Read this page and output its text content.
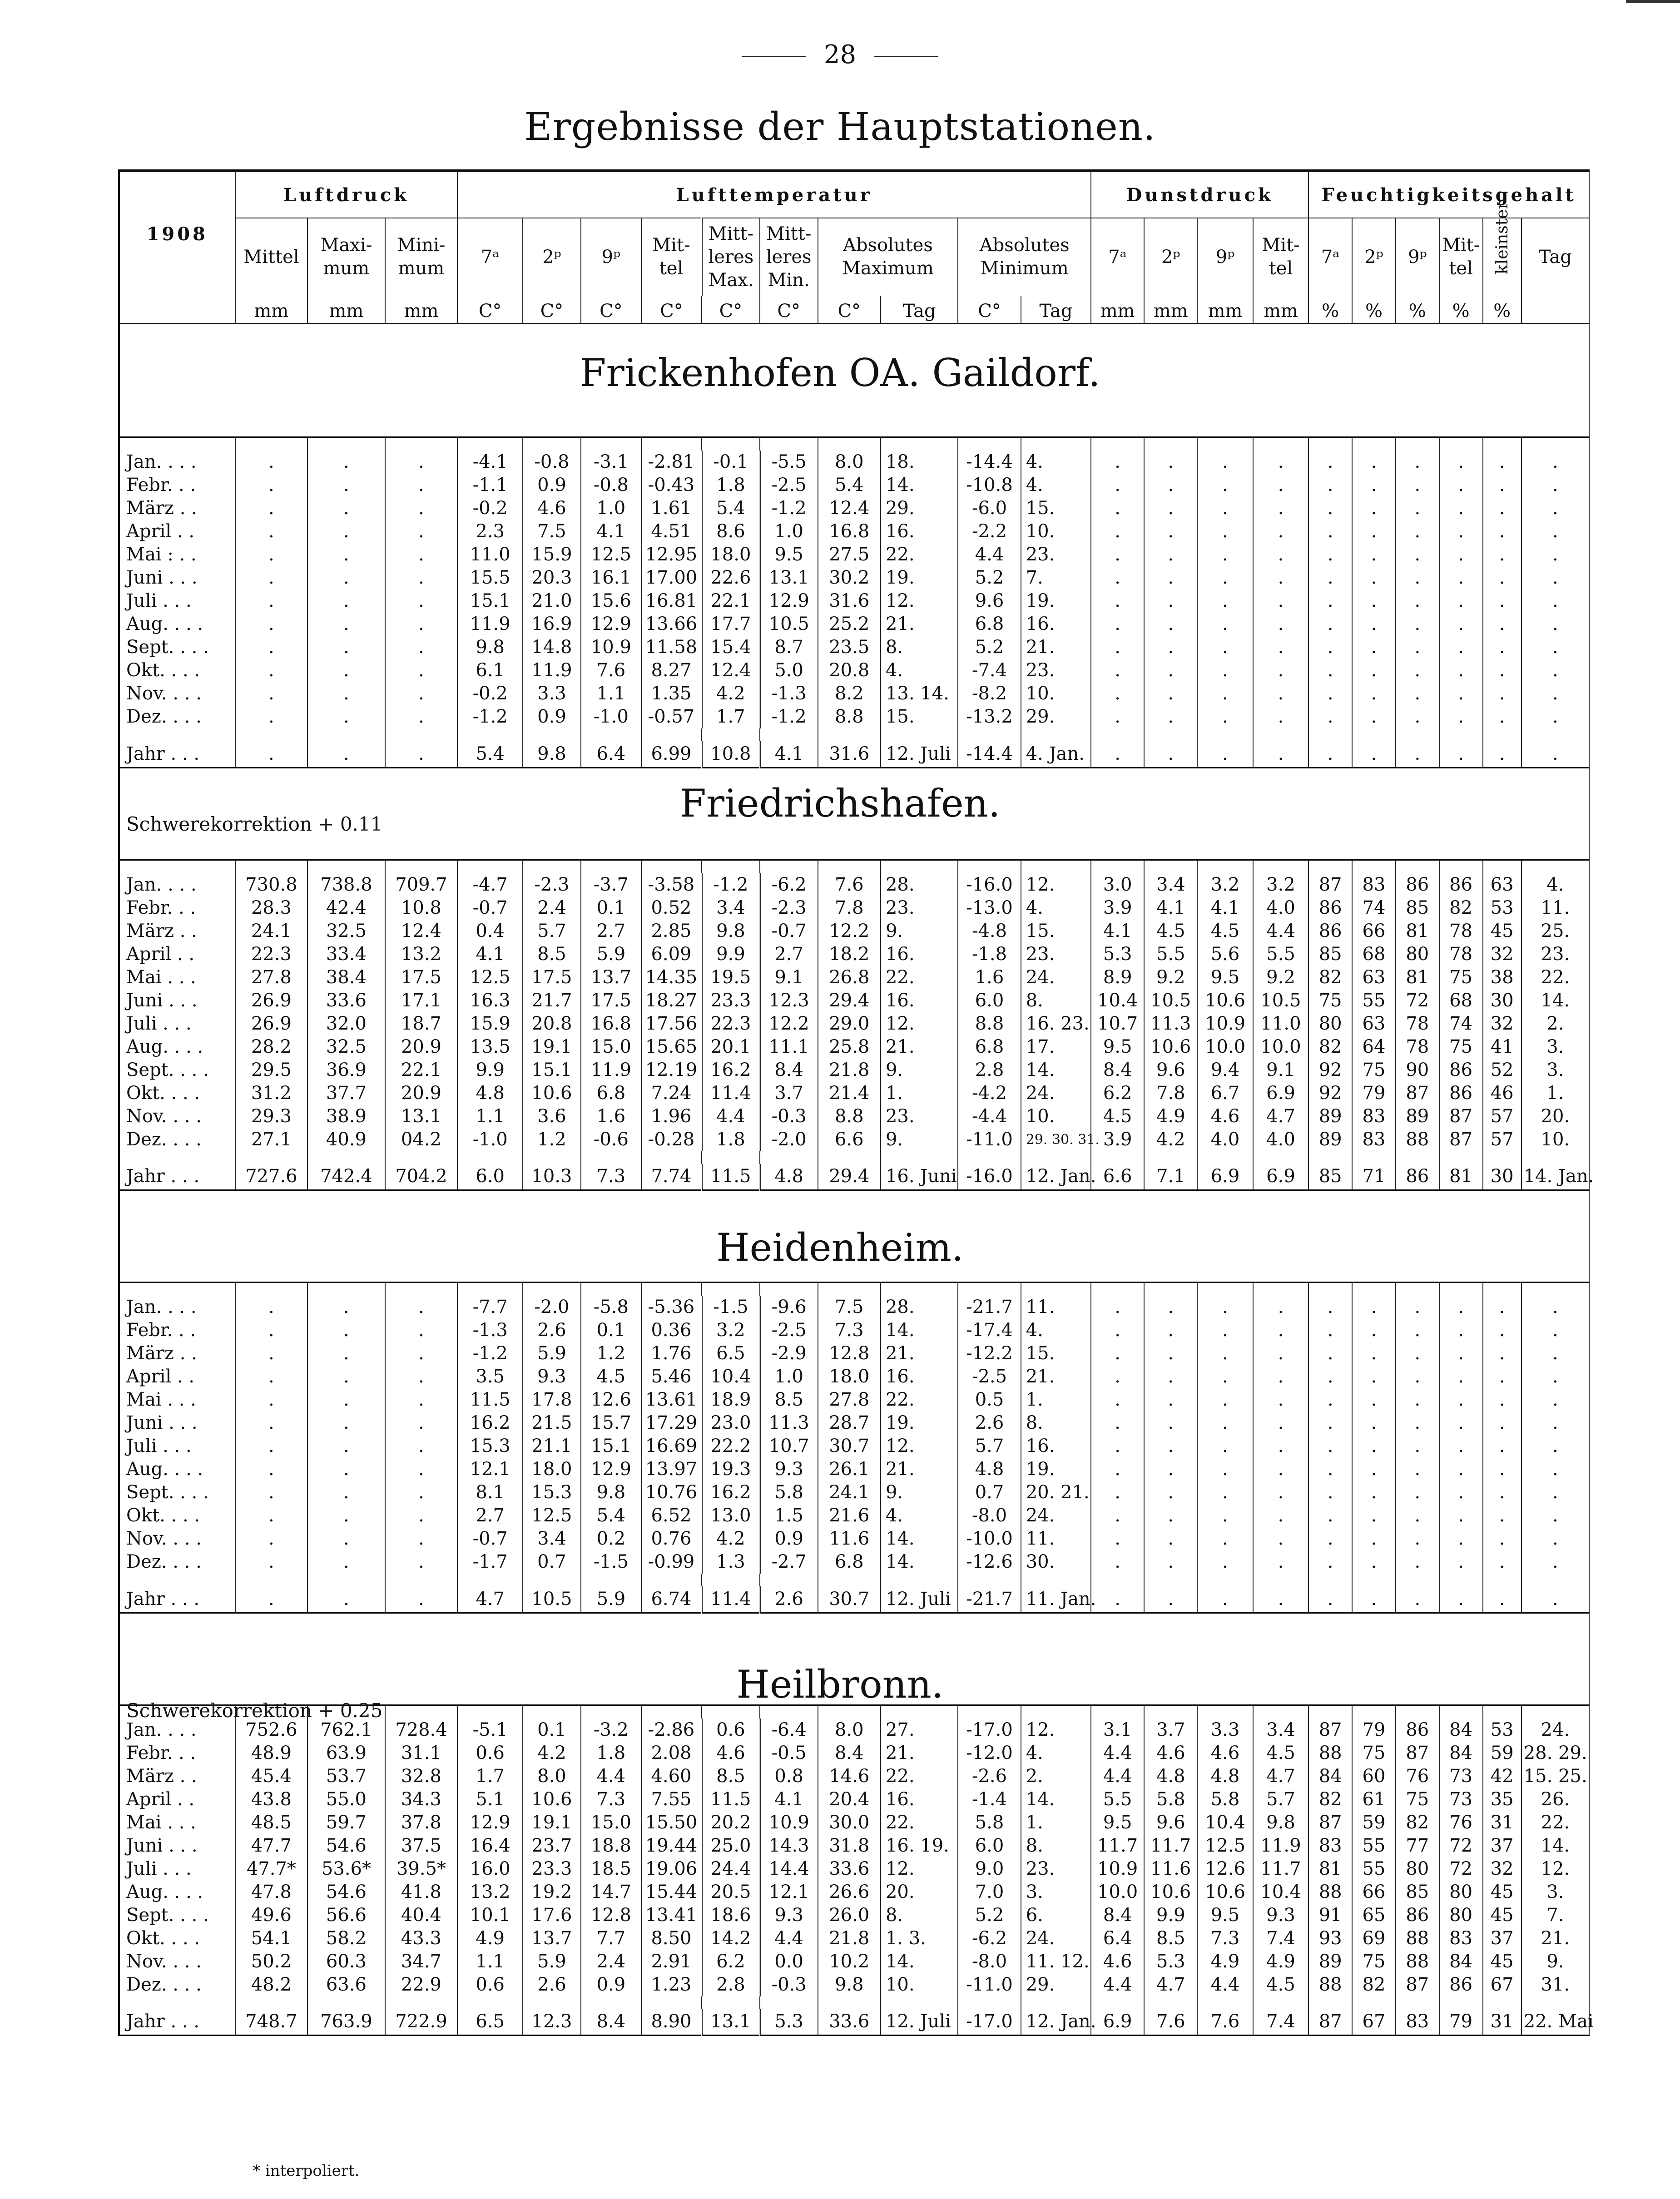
28
Ergebnisse der Hauptstationen.
1908	Luftdruck			Lufttemperatur										Dunstdruck				Feuchtigkeitsgehalt					
	Mittel	Maxi-mum	Mini-mum	7ᵃ	2ᵖ	9ᵖ	Mit-tel	Mitt-leres Max.	Mitt-leres Min.	Absolutes Maximum		Absolutes Minimum		7ᵃ	2ᵖ	9ᵖ	Mit-tel	7ᵃ	2ᵖ	9ᵖ	Mit-tel	kleinster	Tag
	mm	mm	mm	C°	C°	C°	C°	C°	C°	C°	Tag	C°	Tag	mm	mm	mm	mm	%	%	%	%	%	

Jan. . . .	.	.	.	-4.1	-0.8	-3.1	-2.81	-0.1	-5.5	8.0	18.	-14.4	4.	.	.	.	.	.	.	.	.	.	.
Febr. . .	.	.	.	-1.1	0.9	-0.8	-0.43	1.8	-2.5	5.4	14.	-10.8	4.	.	.	.	.	.	.	.	.	.	.
März . .	.	.	.	-0.2	4.6	1.0	1.61	5.4	-1.2	12.4	29.	-6.0	15.	.	.	.	.	.	.	.	.	.	.
April . .	.	.	.	2.3	7.5	4.1	4.51	8.6	1.0	16.8	16.	-2.2	10.	.	.	.	.	.	.	.	.	.	.
Mai : . .	.	.	.	11.0	15.9	12.5	12.95	18.0	9.5	27.5	22.	4.4	23.	.	.	.	.	.	.	.	.	.	.
Juni . . .	.	.	.	15.5	20.3	16.1	17.00	22.6	13.1	30.2	19.	5.2	7.	.	.	.	.	.	.	.	.	.	.
Juli . . .	.	.	.	15.1	21.0	15.6	16.81	22.1	12.9	31.6	12.	9.6	19.	.	.	.	.	.	.	.	.	.	.
Aug. . . .	.	.	.	11.9	16.9	12.9	13.66	17.7	10.5	25.2	21.	6.8	16.	.	.	.	.	.	.	.	.	.	.
Sept. . . .	.	.	.	9.8	14.8	10.9	11.58	15.4	8.7	23.5	8.	5.2	21.	.	.	.	.	.	.	.	.	.	.
Okt. . . .	.	.	.	6.1	11.9	7.6	8.27	12.4	5.0	20.8	4.	-7.4	23.	.	.	.	.	.	.	.	.	.	.
Nov. . . .	.	.	.	-0.2	3.3	1.1	1.35	4.2	-1.3	8.2	13. 14.	-8.2	10.	.	.	.	.	.	.	.	.	.	.
Dez. . . .	.	.	.	-1.2	0.9	-1.0	-0.57	1.7	-1.2	8.8	15.	-13.2	29.	.	.	.	.	.	.	.	.	.	.

Jahr . . .	.	.	.	5.4	9.8	6.4	6.99	10.8	4.1	31.6	12. Juli	-14.4	4. Jan.	.	.	.	.	.	.	.	.	.	.

Jan. . . .	730.8	738.8	709.7	-4.7	-2.3	-3.7	-3.58	-1.2	-6.2	7.6	28.	-16.0	12.	3.0	3.4	3.2	3.2	87	83	86	86	63	4.
Febr. . .	28.3	42.4	10.8	-0.7	2.4	0.1	0.52	3.4	-2.3	7.8	23.	-13.0	4.	3.9	4.1	4.1	4.0	86	74	85	82	53	11.
März . .	24.1	32.5	12.4	0.4	5.7	2.7	2.85	9.8	-0.7	12.2	9.	-4.8	15.	4.1	4.5	4.5	4.4	86	66	81	78	45	25.
April . .	22.3	33.4	13.2	4.1	8.5	5.9	6.09	9.9	2.7	18.2	16.	-1.8	23.	5.3	5.5	5.6	5.5	85	68	80	78	32	23.
Mai . . .	27.8	38.4	17.5	12.5	17.5	13.7	14.35	19.5	9.1	26.8	22.	1.6	24.	8.9	9.2	9.5	9.2	82	63	81	75	38	22.
Juni . . .	26.9	33.6	17.1	16.3	21.7	17.5	18.27	23.3	12.3	29.4	16.	6.0	8.	10.4	10.5	10.6	10.5	75	55	72	68	30	14.
Juli . . .	26.9	32.0	18.7	15.9	20.8	16.8	17.56	22.3	12.2	29.0	12.	8.8	16. 23.	10.7	11.3	10.9	11.0	80	63	78	74	32	2.
Aug. . . .	28.2	32.5	20.9	13.5	19.1	15.0	15.65	20.1	11.1	25.8	21.	6.8	17.	9.5	10.6	10.0	10.0	82	64	78	75	41	3.
Sept. . . .	29.5	36.9	22.1	9.9	15.1	11.9	12.19	16.2	8.4	21.8	9.	2.8	14.	8.4	9.6	9.4	9.1	92	75	90	86	52	3.
Okt. . . .	31.2	37.7	20.9	4.8	10.6	6.8	7.24	11.4	3.7	21.4	1.	-4.2	24.	6.2	7.8	6.7	6.9	92	79	87	86	46	1.
Nov. . . .	29.3	38.9	13.1	1.1	3.6	1.6	1.96	4.4	-0.3	8.8	23.	-4.4	10.	4.5	4.9	4.6	4.7	89	83	89	87	57	20.
Dez. . . .	27.1	40.9	04.2	-1.0	1.2	-0.6	-0.28	1.8	-2.0	6.6	9.	-11.0	29. 30. 31.	3.9	4.2	4.0	4.0	89	83	88	87	57	10.

Jahr . . .	727.6	742.4	704.2	6.0	10.3	7.3	7.74	11.5	4.8	29.4	16. Juni	-16.0	12. Jan.	6.6	7.1	6.9	6.9	85	71	86	81	30	14. Jan.

Jan. . . .	.	.	.	-7.7	-2.0	-5.8	-5.36	-1.5	-9.6	7.5	28.	-21.7	11.	.	.	.	.	.	.	.	.	.	.
Febr. . .	.	.	.	-1.3	2.6	0.1	0.36	3.2	-2.5	7.3	14.	-17.4	4.	.	.	.	.	.	.	.	.	.	.
März . .	.	.	.	-1.2	5.9	1.2	1.76	6.5	-2.9	12.8	21.	-12.2	15.	.	.	.	.	.	.	.	.	.	.
April . .	.	.	.	3.5	9.3	4.5	5.46	10.4	1.0	18.0	16.	-2.5	21.	.	.	.	.	.	.	.	.	.	.
Mai . . .	.	.	.	11.5	17.8	12.6	13.61	18.9	8.5	27.8	22.	0.5	1.	.	.	.	.	.	.	.	.	.	.
Juni . . .	.	.	.	16.2	21.5	15.7	17.29	23.0	11.3	28.7	19.	2.6	8.	.	.	.	.	.	.	.	.	.	.
Juli . . .	.	.	.	15.3	21.1	15.1	16.69	22.2	10.7	30.7	12.	5.7	16.	.	.	.	.	.	.	.	.	.	.
Aug. . . .	.	.	.	12.1	18.0	12.9	13.97	19.3	9.3	26.1	21.	4.8	19.	.	.	.	.	.	.	.	.	.	.
Sept. . . .	.	.	.	8.1	15.3	9.8	10.76	16.2	5.8	24.1	9.	0.7	20. 21.	.	.	.	.	.	.	.	.	.	.
Okt. . . .	.	.	.	2.7	12.5	5.4	6.52	13.0	1.5	21.6	4.	-8.0	24.	.	.	.	.	.	.	.	.	.	.
Nov. . . .	.	.	.	-0.7	3.4	0.2	0.76	4.2	0.9	11.6	14.	-10.0	11.	.	.	.	.	.	.	.	.	.	.
Dez. . . .	.	.	.	-1.7	0.7	-1.5	-0.99	1.3	-2.7	6.8	14.	-12.6	30.	.	.	.	.	.	.	.	.	.	.

Jahr . . .	.	.	.	4.7	10.5	5.9	6.74	11.4	2.6	30.7	12. Juli	-21.7	11. Jan.	.	.	.	.	.	.	.	.	.	.

Jan. . . .	752.6	762.1	728.4	-5.1	0.1	-3.2	-2.86	0.6	-6.4	8.0	27.	-17.0	12.	3.1	3.7	3.3	3.4	87	79	86	84	53	24.
Febr. . .	48.9	63.9	31.1	0.6	4.2	1.8	2.08	4.6	-0.5	8.4	21.	-12.0	4.	4.4	4.6	4.6	4.5	88	75	87	84	59	28. 29.
März . .	45.4	53.7	32.8	1.7	8.0	4.4	4.60	8.5	0.8	14.6	22.	-2.6	2.	4.4	4.8	4.8	4.7	84	60	76	73	42	15. 25.
April . .	43.8	55.0	34.3	5.1	10.6	7.3	7.55	11.5	4.1	20.4	16.	-1.4	14.	5.5	5.8	5.8	5.7	82	61	75	73	35	26.
Mai . . .	48.5	59.7	37.8	12.9	19.1	15.0	15.50	20.2	10.9	30.0	22.	5.8	1.	9.5	9.6	10.4	9.8	87	59	82	76	31	22.
Juni . . .	47.7	54.6	37.5	16.4	23.7	18.8	19.44	25.0	14.3	31.8	16. 19.	6.0	8.	11.7	11.7	12.5	11.9	83	55	77	72	37	14.
Juli . . .	47.7*	53.6*	39.5*	16.0	23.3	18.5	19.06	24.4	14.4	33.6	12.	9.0	23.	10.9	11.6	12.6	11.7	81	55	80	72	32	12.
Aug. . . .	47.8	54.6	41.8	13.2	19.2	14.7	15.44	20.5	12.1	26.6	20.	7.0	3.	10.0	10.6	10.6	10.4	88	66	85	80	45	3.
Sept. . . .	49.6	56.6	40.4	10.1	17.6	12.8	13.41	18.6	9.3	26.0	8.	5.2	6.	8.4	9.9	9.5	9.3	91	65	86	80	45	7.
Okt. . . .	54.1	58.2	43.3	4.9	13.7	7.7	8.50	14.2	4.4	21.8	1. 3.	-6.2	24.	6.4	8.5	7.3	7.4	93	69	88	83	37	21.
Nov. . . .	50.2	60.3	34.7	1.1	5.9	2.4	2.91	6.2	0.0	10.2	14.	-8.0	11. 12.	4.6	5.3	4.9	4.9	89	75	88	84	45	9.
Dez. . . .	48.2	63.6	22.9	0.6	2.6	0.9	1.23	2.8	-0.3	9.8	10.	-11.0	29.	4.4	4.7	4.4	4.5	88	82	87	86	67	31.

Jahr . . .	748.7	763.9	722.9	6.5	12.3	8.4	8.90	13.1	5.3	33.6	12. Juli	-17.0	12. Jan.	6.9	7.6	7.6	7.4	87	67	83	79	31	22. Mai
Frickenhofen OA. Gaildorf.
Friedrichshafen.
Schwerekorrektion + 0.11
Heidenheim.
Heilbronn.
Schwerekorrektion + 0.25
* interpoliert.
